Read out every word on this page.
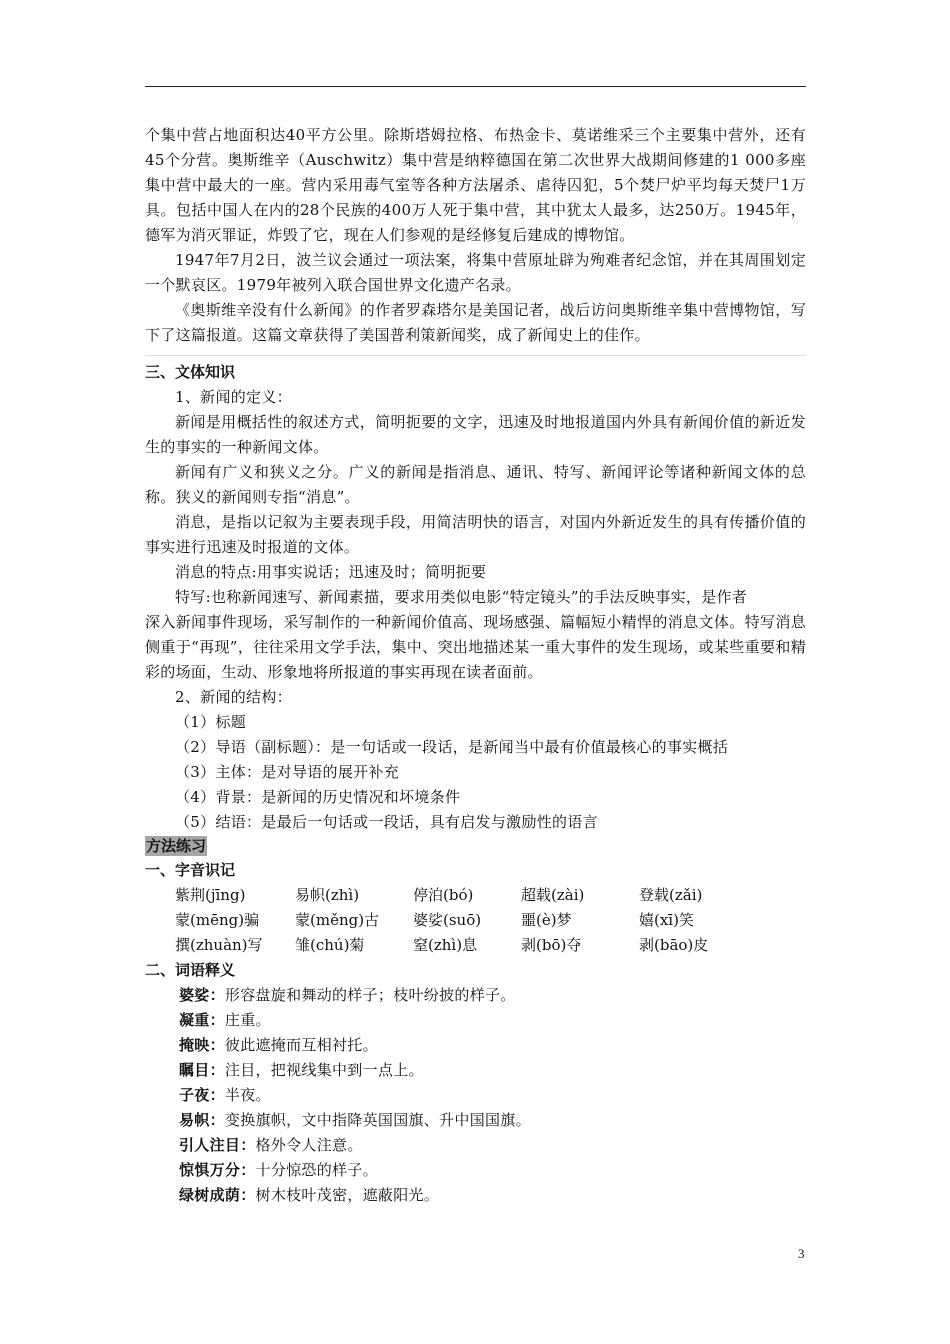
个集中营占地面积达40平方公里。除斯塔姆拉格、布热金卡、莫诺维采三个主要集中营外，还有45个分营。奥斯维辛（Auschwitz）集中营是纳粹德国在第二次世界大战期间修建的1 000多座集中营中最大的一座。营内采用毒气室等各种方法屠杀、虐待囚犯，5个焚尸炉平均每天焚尸1万具。包括中国人在内的28个民族的400万人死于集中营，其中犹太人最多，达250万。1945年，德军为消灭罪证，炸毁了它，现在人们参观的是经修复后建成的博物馆。

1947年7月2日，波兰议会通过一项法案，将集中营原址辟为殉难者纪念馆，并在其周围划定一个默哀区。1979年被列入联合国世界文化遗产名录。

《奥斯维辛没有什么新闻》的作者罗森塔尔是美国记者，战后访问奥斯维辛集中营博物馆，写下了这篇报道。这篇文章获得了美国普利策新闻奖，成了新闻史上的佳作。

三、文体知识

1、新闻的定义：

新闻是用概括性的叙述方式，简明扼要的文字，迅速及时地报道国内外具有新闻价值的新近发生的事实的一种新闻文体。

新闻有广义和狭义之分。广义的新闻是指消息、通讯、特写、新闻评论等诸种新闻文体的总称。狭义的新闻则专指“消息”。

消息，是指以记叙为主要表现手段，用简洁明快的语言，对国内外新近发生的具有传播价值的事实进行迅速及时报道的文体。

消息的特点:用事实说话；迅速及时；简明扼要

特写:也称新闻速写、新闻素描，要求用类似电影“特定镜头”的手法反映事实，是作者

深入新闻事件现场，采写制作的一种新闻价值高、现场感强、篇幅短小精悍的消息文体。特写消息侧重于“再现”，往往采用文学手法，集中、突出地描述某一重大事件的发生现场，或某些重要和精彩的场面，生动、形象地将所报道的事实再现在读者面前。

2、新闻的结构：

（1）标题

（2）导语（副标题）：是一句话或一段话，是新闻当中最有价值最核心的事实概括

（3）主体：是对导语的展开补充

（4）背景：是新闻的历史情况和坏境条件

（5）结语：是最后一句话或一段话，具有启发与激励性的语言

方法练习

一、字音识记

紫荆(jīng)	易帜(zhì)	停泊(bó)	超载(zài)	登载(zǎi)
蒙(mēng)骗	蒙(měng)古	婆娑(suō)	噩(è)梦	嬉(xī)笑
撰(zhuàn)写	雏(chú)菊	窒(zhì)息	剥(bō)夺	剥(bāo)皮

二、词语释义

婆娑：形容盘旋和舞动的样子；枝叶纷披的样子。

凝重：庄重。

掩映：彼此遮掩而互相衬托。

瞩目：注目，把视线集中到一点上。

子夜：半夜。

易帜：变换旗帜，文中指降英国国旗、升中国国旗。

引人注目：格外令人注意。

惊惧万分：十分惊恐的样子。

绿树成荫：树木枝叶茂密，遮蔽阳光。

3
